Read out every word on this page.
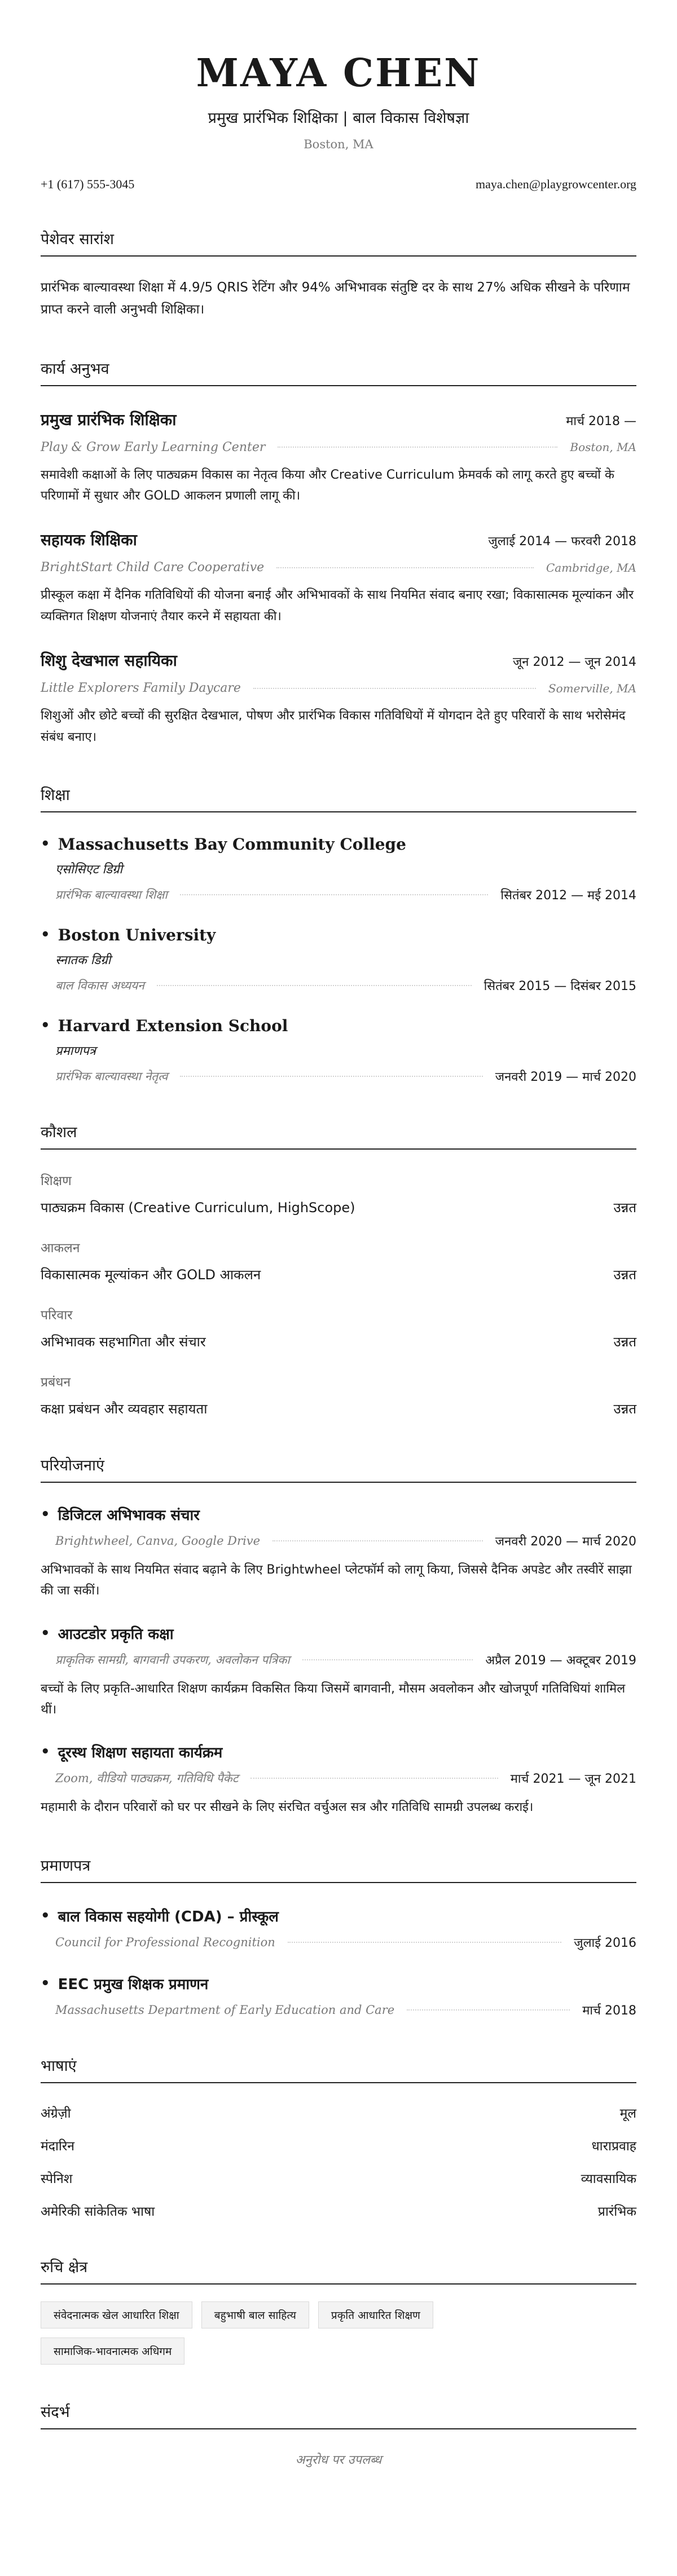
MAYA CHEN
प्रमुख प्रारंभिक शिक्षिका | बाल विकास विशेषज्ञा
Boston, MA
+1 (617) 555-3045	maya.chen@playgrowcenter.org
पेशेवर सारांश
प्रारंभिक बाल्यावस्था शिक्षा में 4.9/5 QRIS रेटिंग और 94% अभिभावक संतुष्टि दर के साथ 27% अधिक सीखने के परिणाम प्राप्त करने वाली अनुभवी शिक्षिका।
कार्य अनुभव
प्रमुख प्रारंभिक शिक्षिका	मार्च 2018 —
Play & Grow Early Learning Center	Boston, MA
समावेशी कक्षाओं के लिए पाठ्यक्रम विकास का नेतृत्व किया और Creative Curriculum फ्रेमवर्क को लागू करते हुए बच्चों के परिणामों में सुधार और GOLD आकलन प्रणाली लागू की।
सहायक शिक्षिका	जुलाई 2014 — फरवरी 2018
BrightStart Child Care Cooperative	Cambridge, MA
प्रीस्कूल कक्षा में दैनिक गतिविधियों की योजना बनाई और अभिभावकों के साथ नियमित संवाद बनाए रखा; विकासात्मक मूल्यांकन और व्यक्तिगत शिक्षण योजनाएं तैयार करने में सहायता की।
शिशु देखभाल सहायिका	जून 2012 — जून 2014
Little Explorers Family Daycare	Somerville, MA
शिशुओं और छोटे बच्चों की सुरक्षित देखभाल, पोषण और प्रारंभिक विकास गतिविधियों में योगदान देते हुए परिवारों के साथ भरोसेमंद संबंध बनाए।
शिक्षा
• Massachusetts Bay Community College
एसोसिएट डिग्री
प्रारंभिक बाल्यावस्था शिक्षा	सितंबर 2012 — मई 2014
• Boston University
स्नातक डिग्री
बाल विकास अध्ययन	सितंबर 2015 — दिसंबर 2015
• Harvard Extension School
प्रमाणपत्र
प्रारंभिक बाल्यावस्था नेतृत्व	जनवरी 2019 — मार्च 2020
कौशल
शिक्षण
पाठ्यक्रम विकास (Creative Curriculum, HighScope)	उन्नत
आकलन
विकासात्मक मूल्यांकन और GOLD आकलन	उन्नत
परिवार
अभिभावक सहभागिता और संचार	उन्नत
प्रबंधन
कक्षा प्रबंधन और व्यवहार सहायता	उन्नत
परियोजनाएं
• डिजिटल अभिभावक संचार
Brightwheel, Canva, Google Drive	जनवरी 2020 — मार्च 2020
अभिभावकों के साथ नियमित संवाद बढ़ाने के लिए Brightwheel प्लेटफॉर्म को लागू किया, जिससे दैनिक अपडेट और तस्वीरें साझा की जा सकीं।
• आउटडोर प्रकृति कक्षा
प्राकृतिक सामग्री, बागवानी उपकरण, अवलोकन पत्रिका	अप्रैल 2019 — अक्टूबर 2019
बच्चों के लिए प्रकृति-आधारित शिक्षण कार्यक्रम विकसित किया जिसमें बागवानी, मौसम अवलोकन और खोजपूर्ण गतिविधियां शामिल थीं।
• दूरस्थ शिक्षण सहायता कार्यक्रम
Zoom, वीडियो पाठ्यक्रम, गतिविधि पैकेट	मार्च 2021 — जून 2021
महामारी के दौरान परिवारों को घर पर सीखने के लिए संरचित वर्चुअल सत्र और गतिविधि सामग्री उपलब्ध कराई।
प्रमाणपत्र
• बाल विकास सहयोगी (CDA) – प्रीस्कूल
Council for Professional Recognition	जुलाई 2016
• EEC प्रमुख शिक्षक प्रमाणन
Massachusetts Department of Early Education and Care	मार्च 2018
भाषाएं
अंग्रेज़ी	मूल
मंदारिन	धाराप्रवाह
स्पेनिश	व्यावसायिक
अमेरिकी सांकेतिक भाषा	प्रारंभिक
रुचि क्षेत्र
संवेदनात्मक खेल आधारित शिक्षा	बहुभाषी बाल साहित्य	प्रकृति आधारित शिक्षण
सामाजिक-भावनात्मक अधिगम
संदर्भ
अनुरोध पर उपलब्ध
